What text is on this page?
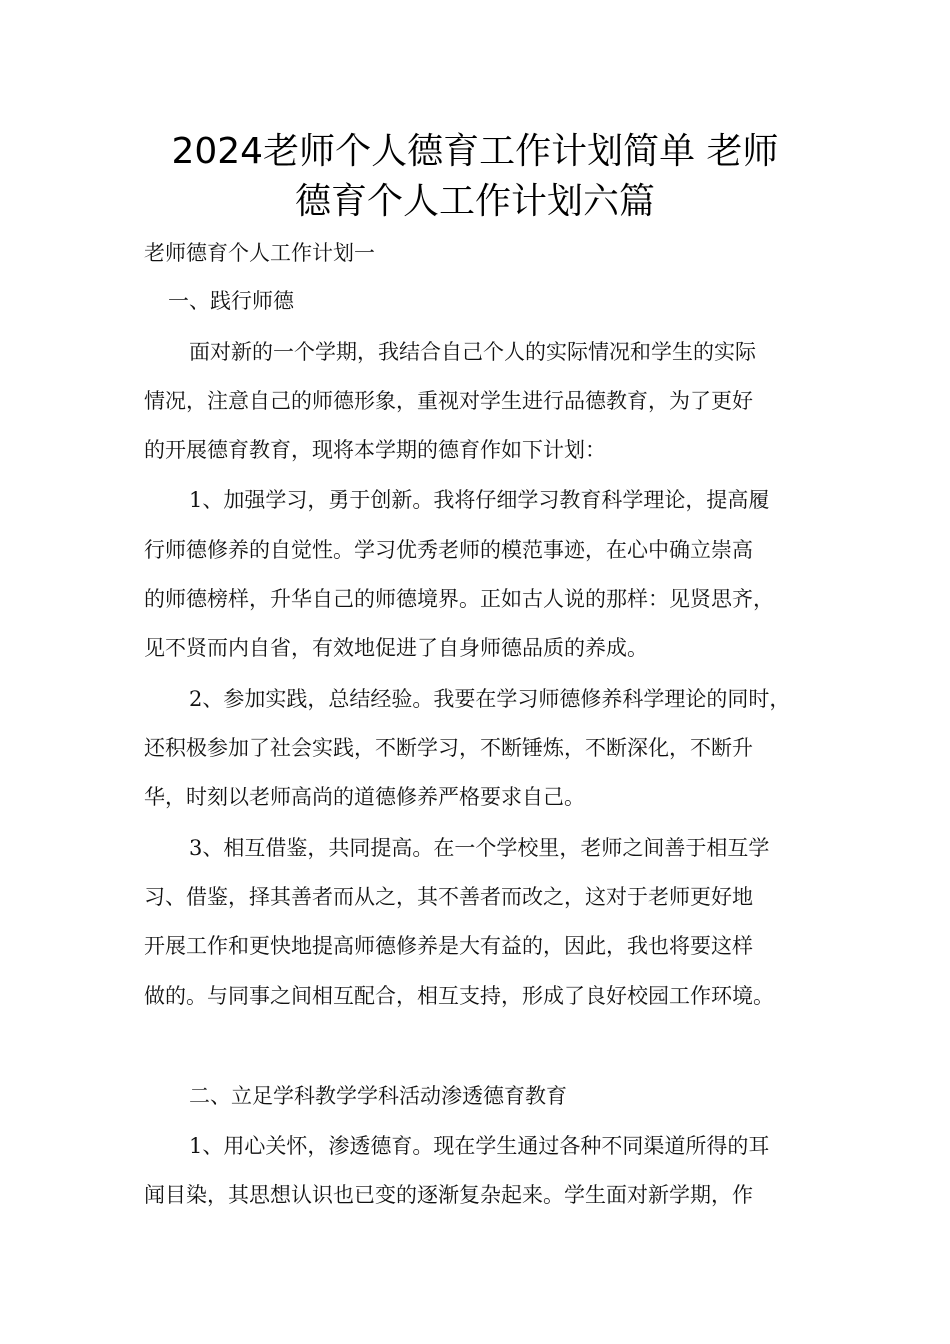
2024老师个人德育工作计划简单 老师
德育个人工作计划六篇
老师德育个人工作计划一
一、践行师德
面对新的一个学期，我结合自己个人的实际情况和学生的实际
情况，注意自己的师德形象，重视对学生进行品德教育，为了更好
的开展德育教育，现将本学期的德育作如下计划：
1、加强学习，勇于创新。我将仔细学习教育科学理论，提高履
行师德修养的自觉性。学习优秀老师的模范事迹，在心中确立崇高
的师德榜样，升华自己的师德境界。正如古人说的那样：见贤思齐，
见不贤而内自省，有效地促进了自身师德品质的养成。
2、参加实践，总结经验。我要在学习师德修养科学理论的同时，
还积极参加了社会实践，不断学习，不断锤炼，不断深化，不断升
华，时刻以老师高尚的道德修养严格要求自己。
3、相互借鉴，共同提高。在一个学校里，老师之间善于相互学
习、借鉴，择其善者而从之，其不善者而改之，这对于老师更好地
开展工作和更快地提高师德修养是大有益的，因此，我也将要这样
做的。与同事之间相互配合，相互支持，形成了良好校园工作环境。
二、立足学科教学学科活动渗透德育教育
1、用心关怀，渗透德育。现在学生通过各种不同渠道所得的耳
闻目染，其思想认识也已变的逐渐复杂起来。学生面对新学期，作
